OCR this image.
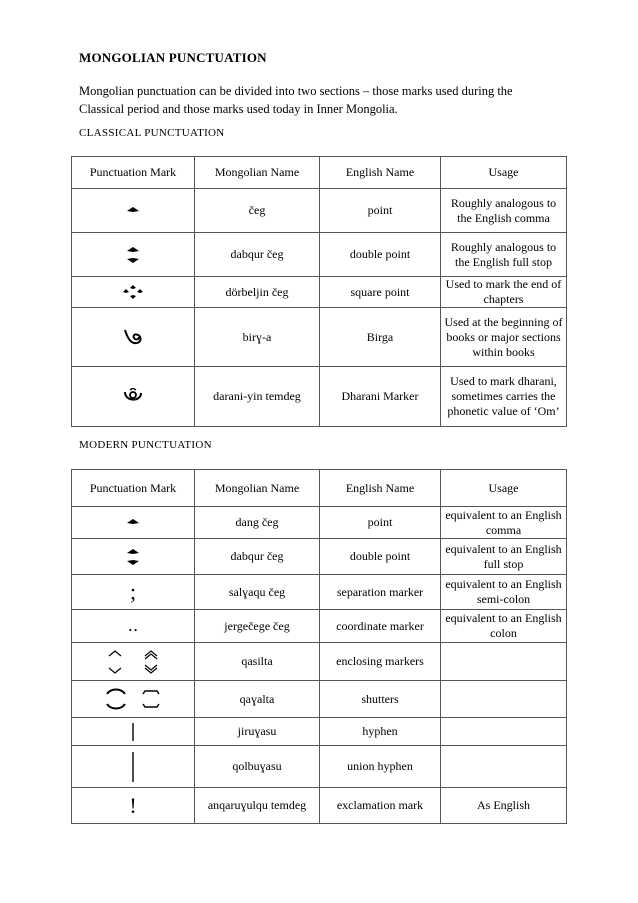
MONGOLIAN PUNCTUATION
Mongolian punctuation can be divided into two sections – those marks used during the Classical period and those marks used today in Inner Mongolia.
CLASSICAL PUNCTUATION
Punctuation Mark	Mongolian Name	English Name	Usage

	čeg	point	Roughly analogous to the English comma

	dabqur čeg	double point	Roughly analogous to the English full stop

	dörbeljin čeg	square point	Used to mark the end of chapters

	birɣ-a	Birga	Used at the beginning of books or major sections within books

	darani-yin temdeg	Dharani Marker	Used to mark dharani, sometimes carries the phonetic value of ‘Om’
MODERN PUNCTUATION
Punctuation Mark	Mongolian Name	English Name	Usage

	dang čeg	point	equivalent to an English comma

	dabqur čeg	double point	equivalent to an English full stop
;	salɣaqu čeg	separation marker	equivalent to an English semi-colon
‥	jergečege čeg	coordinate marker	equivalent to an English colon

	qasilta	enclosing markers	

	qaɣalta	shutters	

	jiruɣasu	hyphen	

	qolbuɣasu	union hyphen	
!	anqaruɣulqu temdeg	exclamation mark	As English
